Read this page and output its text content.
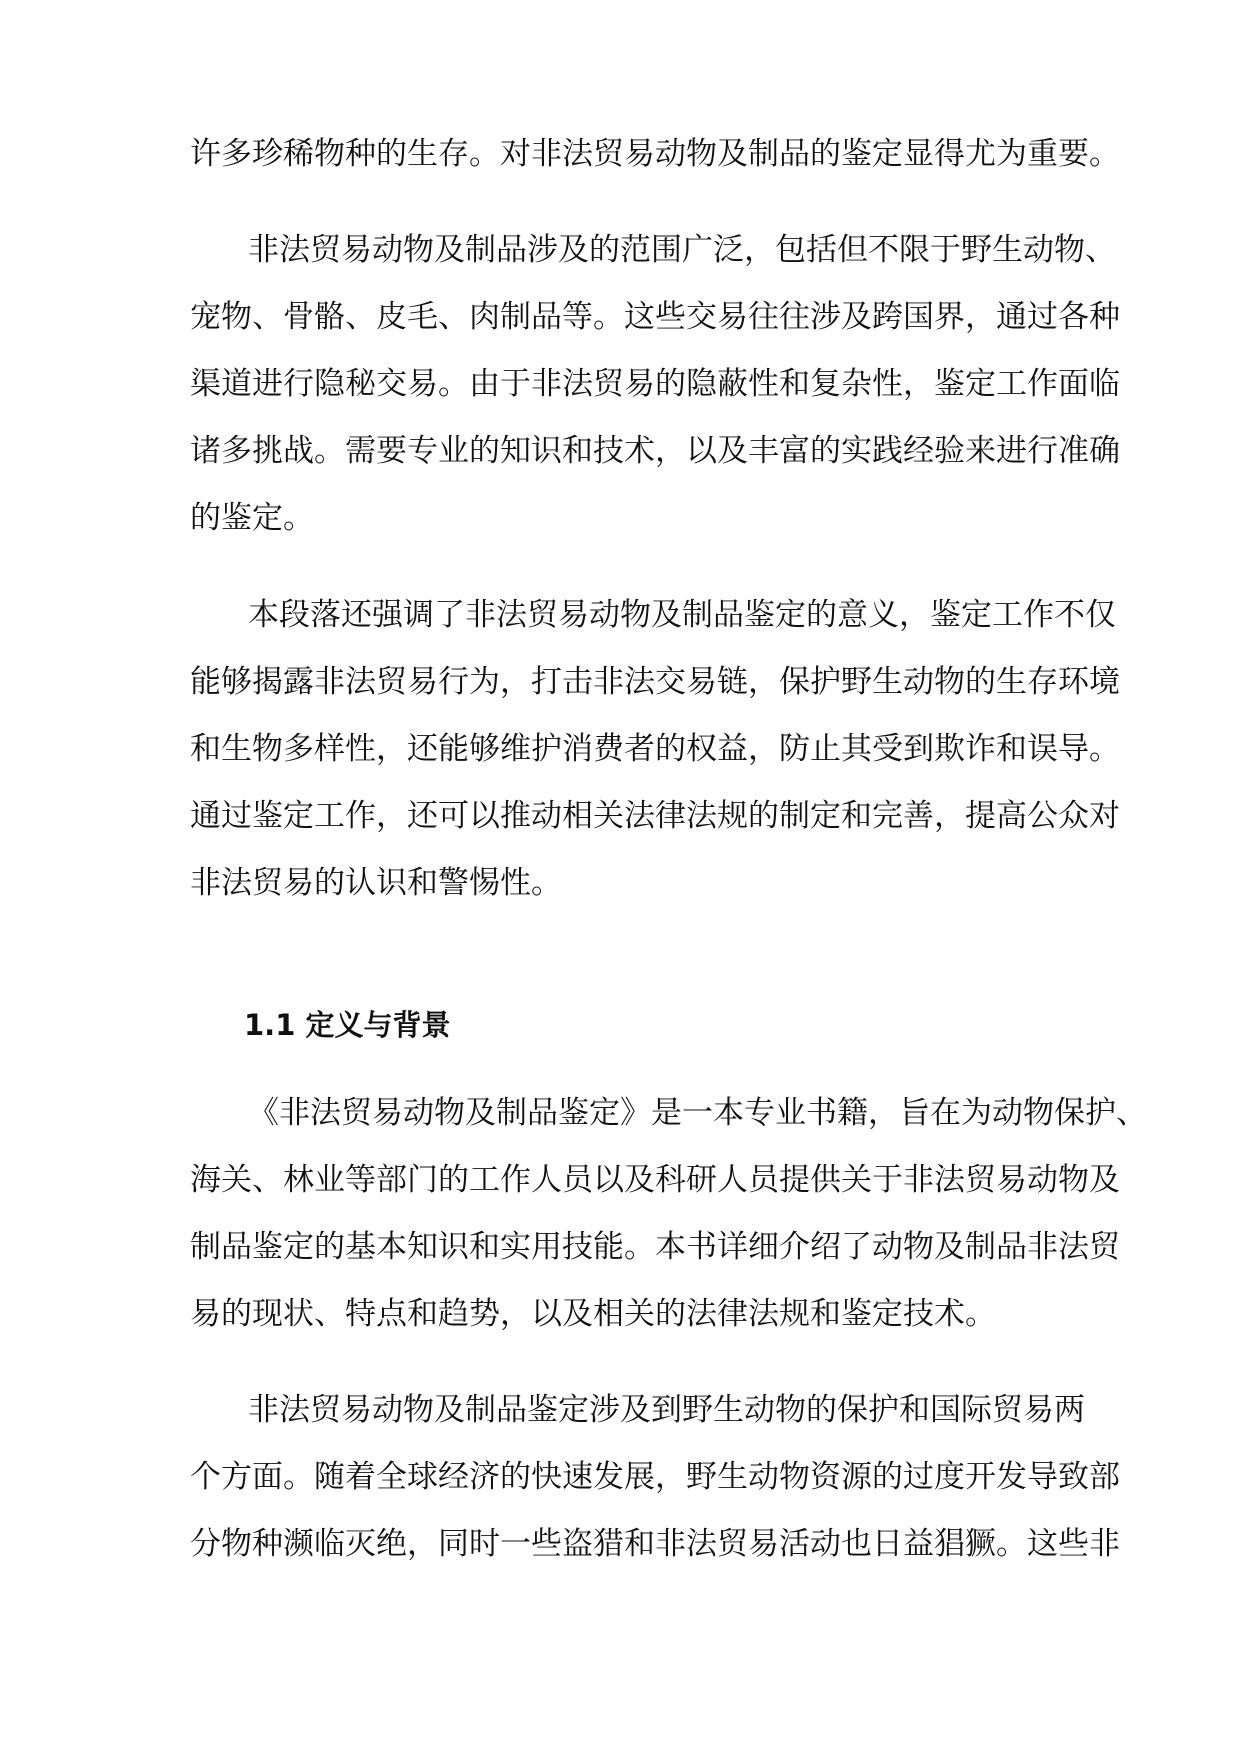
许多珍稀物种的生存。对非法贸易动物及制品的鉴定显得尤为重要。
非法贸易动物及制品涉及的范围广泛，包括但不限于野生动物、
宠物、骨骼、皮毛、肉制品等。这些交易往往涉及跨国界，通过各种
渠道进行隐秘交易。由于非法贸易的隐蔽性和复杂性，鉴定工作面临
诸多挑战。需要专业的知识和技术，以及丰富的实践经验来进行准确
的鉴定。
本段落还强调了非法贸易动物及制品鉴定的意义，鉴定工作不仅
能够揭露非法贸易行为，打击非法交易链，保护野生动物的生存环境
和生物多样性，还能够维护消费者的权益，防止其受到欺诈和误导。
通过鉴定工作，还可以推动相关法律法规的制定和完善，提高公众对
非法贸易的认识和警惕性。
1.1 定义与背景
《非法贸易动物及制品鉴定》是一本专业书籍，旨在为动物保护、
海关、林业等部门的工作人员以及科研人员提供关于非法贸易动物及
制品鉴定的基本知识和实用技能。本书详细介绍了动物及制品非法贸
易的现状、特点和趋势，以及相关的法律法规和鉴定技术。
非法贸易动物及制品鉴定涉及到野生动物的保护和国际贸易两
个方面。随着全球经济的快速发展，野生动物资源的过度开发导致部
分物种濒临灭绝，同时一些盗猎和非法贸易活动也日益猖獗。这些非
